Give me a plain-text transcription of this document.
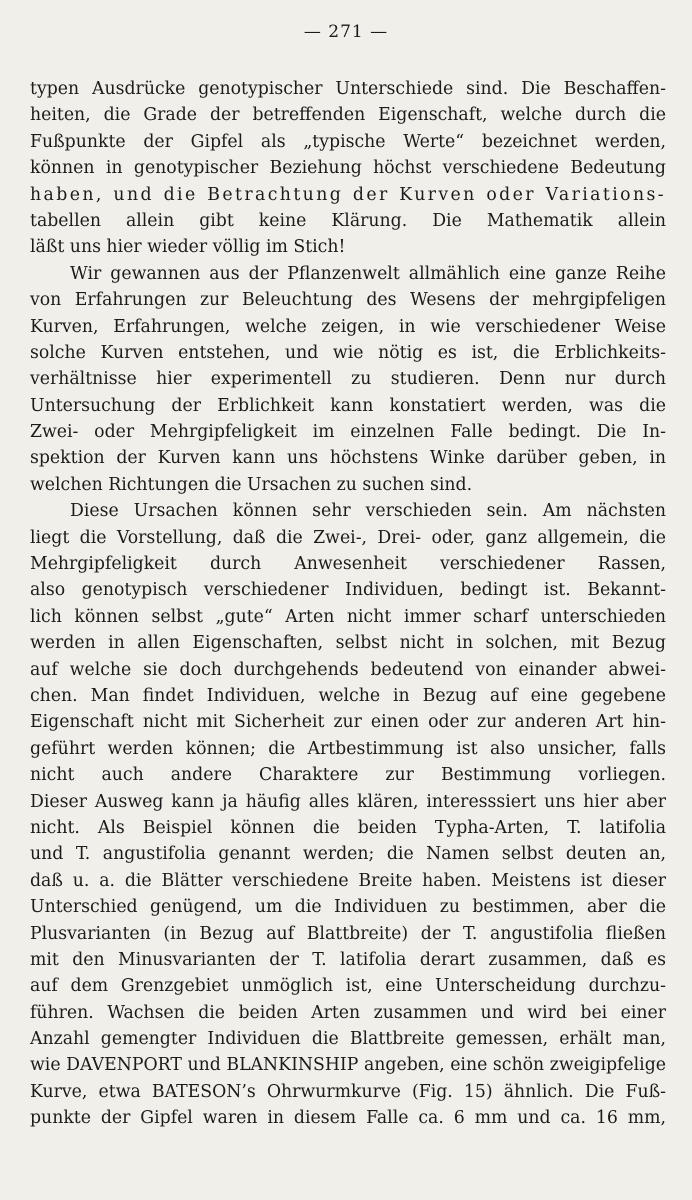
— 271 —
typen Ausdrücke genotypischer Unterschiede sind. Die Beschaffen-
heiten, die Grade der betreffenden Eigenschaft, welche durch die
Fußpunkte der Gipfel als „typische Werte“ bezeichnet werden,
können in genotypischer Beziehung höchst verschiedene Bedeutung
haben, und die Betrachtung der Kurven oder Variations-
tabellen allein gibt keine Klärung. Die Mathematik allein
läßt uns hier wieder völlig im Stich!
Wir gewannen aus der Pflanzenwelt allmählich eine ganze Reihe
von Erfahrungen zur Beleuchtung des Wesens der mehrgipfeligen
Kurven, Erfahrungen, welche zeigen, in wie verschiedener Weise
solche Kurven entstehen, und wie nötig es ist, die Erblichkeits-
verhältnisse hier experimentell zu studieren. Denn nur durch
Untersuchung der Erblichkeit kann konstatiert werden, was die
Zwei- oder Mehrgipfeligkeit im einzelnen Falle bedingt. Die In-
spektion der Kurven kann uns höchstens Winke darüber geben, in
welchen Richtungen die Ursachen zu suchen sind.
Diese Ursachen können sehr verschieden sein. Am nächsten
liegt die Vorstellung, daß die Zwei-, Drei- oder, ganz allgemein, die
Mehrgipfeligkeit durch Anwesenheit verschiedener Rassen,
also genotypisch verschiedener Individuen, bedingt ist. Bekannt-
lich können selbst „gute“ Arten nicht immer scharf unterschieden
werden in allen Eigenschaften, selbst nicht in solchen, mit Bezug
auf welche sie doch durchgehends bedeutend von einander abwei-
chen. Man findet Individuen, welche in Bezug auf eine gegebene
Eigenschaft nicht mit Sicherheit zur einen oder zur anderen Art hin-
geführt werden können; die Artbestimmung ist also unsicher, falls
nicht auch andere Charaktere zur Bestimmung vorliegen.
Dieser Ausweg kann ja häufig alles klären, interesssiert uns hier aber
nicht. Als Beispiel können die beiden Typha-Arten, T. latifolia
und T. angustifolia genannt werden; die Namen selbst deuten an,
daß u. a. die Blätter verschiedene Breite haben. Meistens ist dieser
Unterschied genügend, um die Individuen zu bestimmen, aber die
Plusvarianten (in Bezug auf Blattbreite) der T. angustifolia fließen
mit den Minusvarianten der T. latifolia derart zusammen, daß es
auf dem Grenzgebiet unmöglich ist, eine Unterscheidung durchzu-
führen. Wachsen die beiden Arten zusammen und wird bei einer
Anzahl gemengter Individuen die Blattbreite gemessen, erhält man,
wie DAVENPORT und BLANKINSHIP angeben, eine schön zweigipfelige
Kurve, etwa BATESON’s Ohrwurmkurve (Fig. 15) ähnlich. Die Fuß-
punkte der Gipfel waren in diesem Falle ca. 6 mm und ca. 16 mm,
